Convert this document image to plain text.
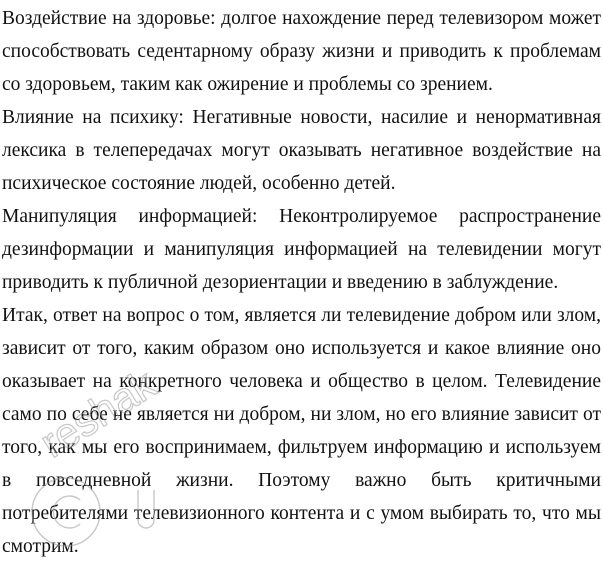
Воздействие на здоровье: долгое нахождение перед телевизором может
способствовать седентарному образу жизни и приводить к проблемам
со здоровьем, таким как ожирение и проблемы со зрением.
Влияние на психику: Негативные новости, насилие и ненормативная
лексика в телепередачах могут оказывать негативное воздействие на
психическое состояние людей, особенно детей.
Манипуляция информацией: Неконтролируемое распространение
дезинформации и манипуляция информацией на телевидении могут
приводить к публичной дезориентации и введению в заблуждение.
Итак, ответ на вопрос о том, является ли телевидение добром или злом,
зависит от того, каким образом оно используется и какое влияние оно
оказывает на конкретного человека и общество в целом. Телевидение
само по себе не является ни добром, ни злом, но его влияние зависит от
того, как мы его воспринимаем, фильтруем информацию и используем
в повседневной жизни. Поэтому важно быть критичными
потребителями телевизионного контента и с умом выбирать то, что мы
смотрим.
reshak
